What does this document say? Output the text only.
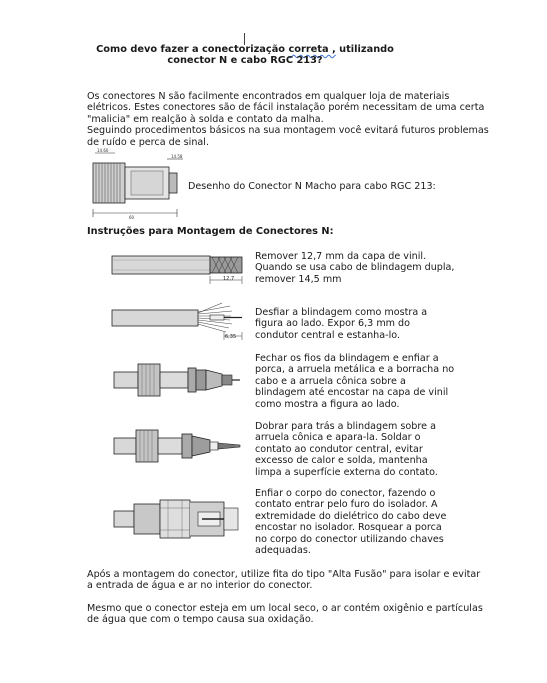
Como devo fazer a conectorização correta , utilizando
conector N e cabo RGC 213?
Os conectores N são facilmente encontrados em qualquer loja de materiais
elétricos. Estes conectores são de fácil instalação porém necessitam de uma certa
"malicia" em realção à solda e contato da malha.
Seguindo procedimentos básicos na sua montagem você evitará futuros problemas
de ruído e perca de sinal.
14.60
14.58
60
Desenho do Conector N Macho para cabo RGC 213:
Instruções para Montagem de Conectores N:
12,7
Remover 12,7 mm da capa de vinil.
Quando se usa cabo de blindagem dupla,
remover 14,5 mm
6,35
Desfiar a blindagem como mostra a
figura ao lado. Expor 6,3 mm do
condutor central e estanha-lo.
Fechar os fios da blindagem e enfiar a
porca, a arruela metálica e a borracha no
cabo e a arruela cônica sobre a
blindagem até encostar na capa de vinil
como mostra a figura ao lado.
Dobrar para trás a blindagem sobre a
arruela cônica e apara-la. Soldar o
contato ao condutor central, evitar
excesso de calor e solda, mantenha
limpa a superfície externa do contato.
Enfiar o corpo do conector, fazendo o
contato entrar pelo furo do isolador. A
extremidade do dielétrico do cabo deve
encostar no isolador. Rosquear a porca
no corpo do conector utilizando chaves
adequadas.
Após a montagem do conector, utilize fita do tipo "Alta Fusão" para isolar e evitar
a entrada de água e ar no interior do conector.
Mesmo que o conector esteja em um local seco, o ar contém oxigênio e partículas
de água que com o tempo causa sua oxidação.
